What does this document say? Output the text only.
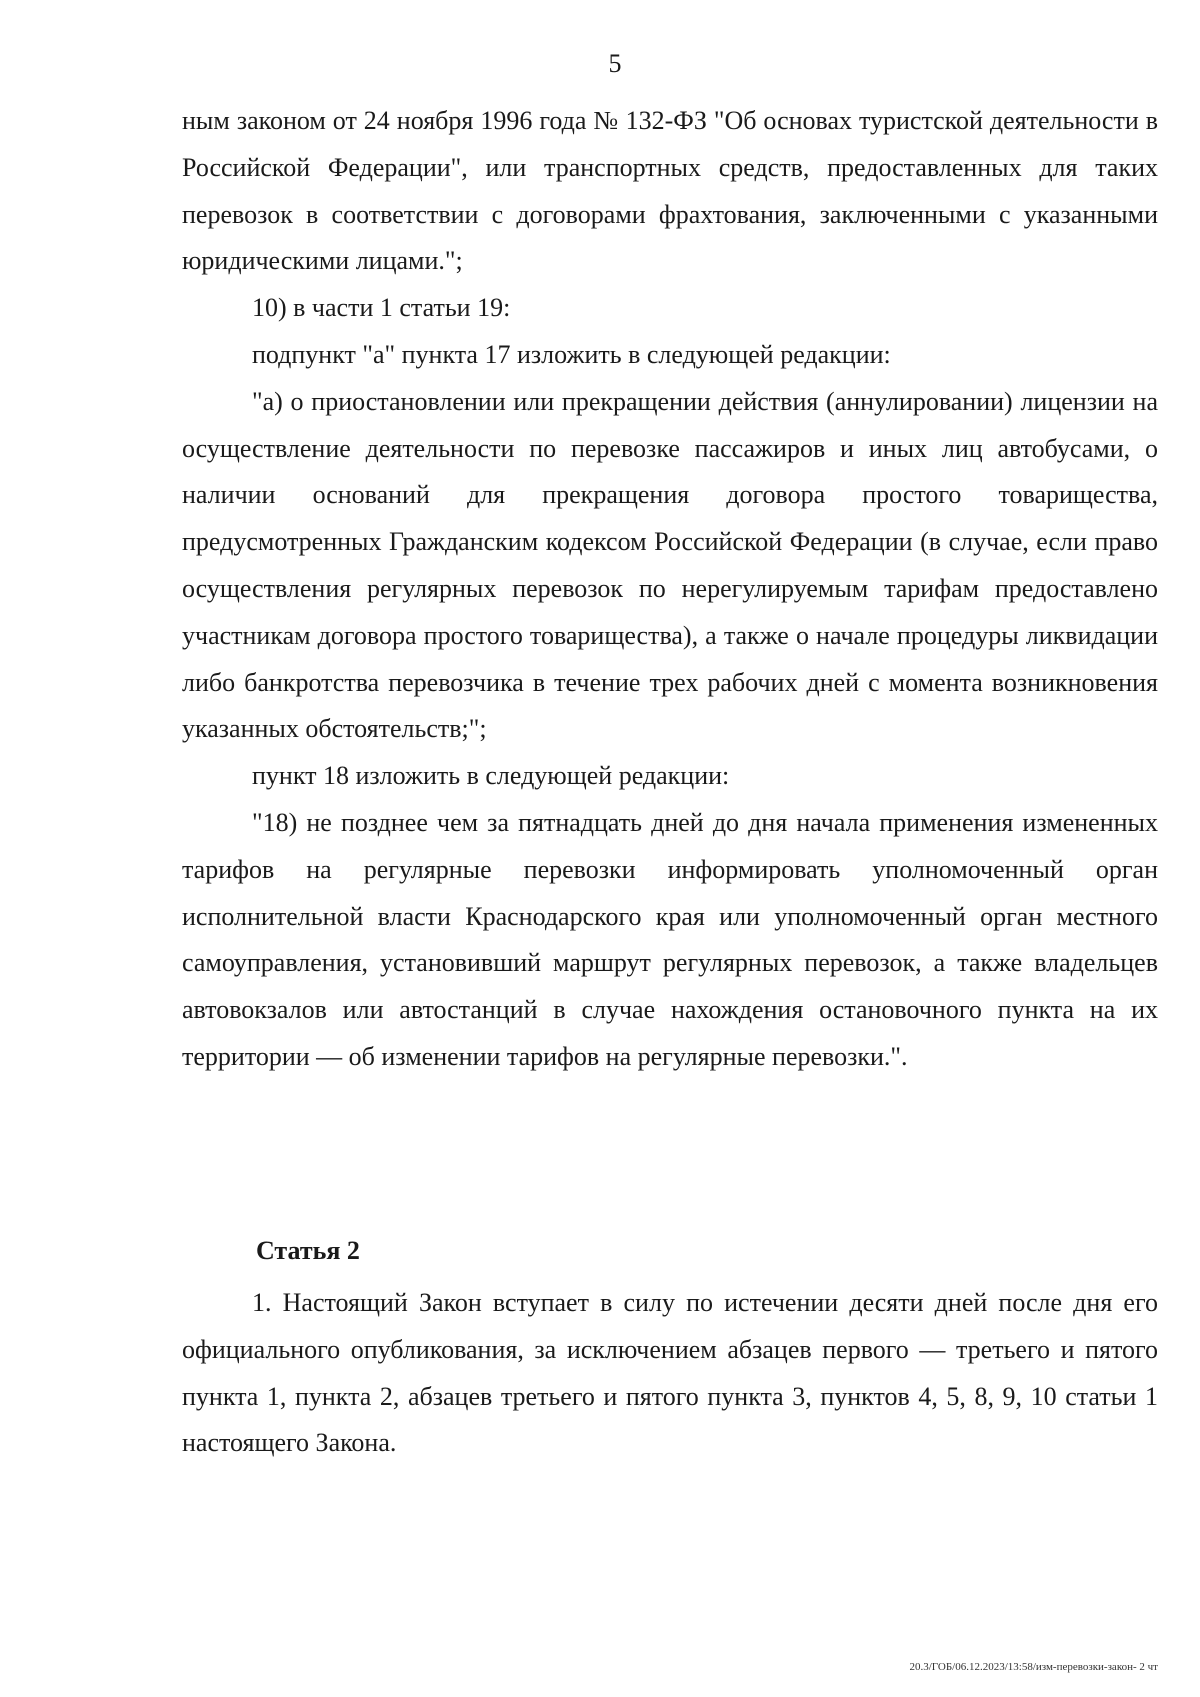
5

ным законом от 24 ноября 1996 года № 132-ФЗ "Об основах туристской деятельности в Российской Федерации", или транспортных средств, предоставленных для таких перевозок в соответствии с договорами фрахтования, заключенными с указанными юридическими лицами.";

10) в части 1 статьи 19:

подпункт "а" пункта 17 изложить в следующей редакции:

"а) о приостановлении или прекращении действия (аннулировании) лицензии на осуществление деятельности по перевозке пассажиров и иных лиц автобусами, о наличии оснований для прекращения договора простого товарищества, предусмотренных Гражданским кодексом Российской Федерации (в случае, если право осуществления регулярных перевозок по нерегулируемым тарифам предоставлено участникам договора простого товарищества), а также о начале процедуры ликвидации либо банкротства перевозчика в течение трех рабочих дней с момента возникновения указанных обстоятельств;";

пункт 18 изложить в следующей редакции:

"18) не позднее чем за пятнадцать дней до дня начала применения измененных тарифов на регулярные перевозки информировать уполномоченный орган исполнительной власти Краснодарского края или уполномоченный орган местного самоуправления, установивший маршрут регулярных перевозок, а также владельцев автовокзалов или автостанций в случае нахождения остановочного пункта на их территории — об изменении тарифов на регулярные перевозки.".

Статья 2

1. Настоящий Закон вступает в силу по истечении десяти дней после дня его официального опубликования, за исключением абзацев первого — третьего и пятого пункта 1, пункта 2, абзацев третьего и пятого пункта 3, пунктов 4, 5, 8, 9, 10 статьи 1 настоящего Закона.

20.3/ГОБ/06.12.2023/13:58/изм-перевозки-закон- 2 чт
